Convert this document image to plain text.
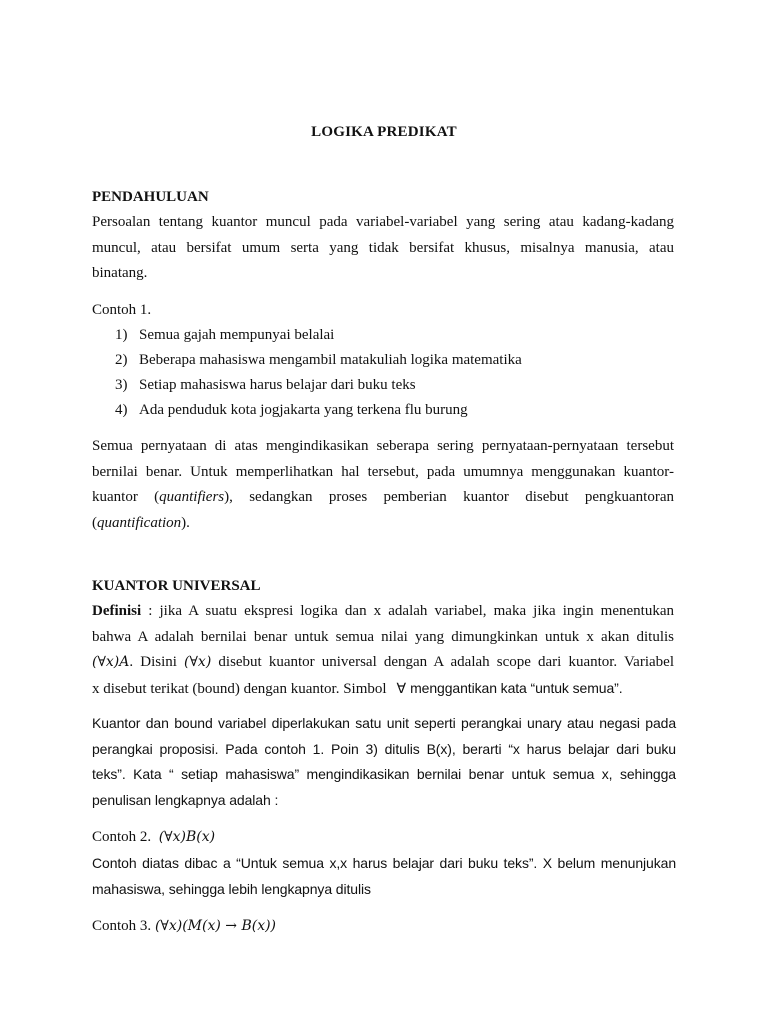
LOGIKA PREDIKAT
PENDAHULUAN
Persoalan tentang kuantor muncul pada variabel-variabel yang sering atau kadang-kadang
muncul, atau bersifat umum serta yang tidak bersifat khusus, misalnya manusia, atau
binatang.
Contoh 1.
1) Semua gajah mempunyai belalai
2) Beberapa mahasiswa mengambil matakuliah logika matematika
3) Setiap mahasiswa harus belajar dari buku teks
4) Ada penduduk kota jogjakarta yang terkena flu burung
Semua pernyataan di atas mengindikasikan seberapa sering pernyataan-pernyataan tersebut
bernilai benar. Untuk memperlihatkan hal tersebut, pada umumnya menggunakan kuantor-
kuantor (quantifiers), sedangkan proses pemberian kuantor disebut pengkuantoran
(quantification).
KUANTOR UNIVERSAL
Definisi : jika A suatu ekspresi logika dan x adalah variabel, maka jika ingin menentukan
bahwa A adalah bernilai benar untuk semua nilai yang dimungkinkan untuk x akan ditulis
(∀x)A. Disini (∀x) disebut kuantor universal dengan A adalah scope dari kuantor. Variabel
x disebut terikat (bound) dengan kuantor. Simbol ∀ menggantikan kata “untuk semua”.
Kuantor dan bound variabel diperlakukan satu unit seperti perangkai unary atau negasi pada
perangkai proposisi. Pada contoh 1. Poin 3) ditulis B(x), berarti “x harus belajar dari buku
teks”. Kata “ setiap mahasiswa” mengindikasikan bernilai benar untuk semua x, sehingga
penulisan lengkapnya adalah :
Contoh 2. (∀x)B(x)
Contoh diatas dibac a “Untuk semua x,x harus belajar dari buku teks”. X belum menunjukan
mahasiswa, sehingga lebih lengkapnya ditulis
Contoh 3. (∀x)(M(x) → B(x))
